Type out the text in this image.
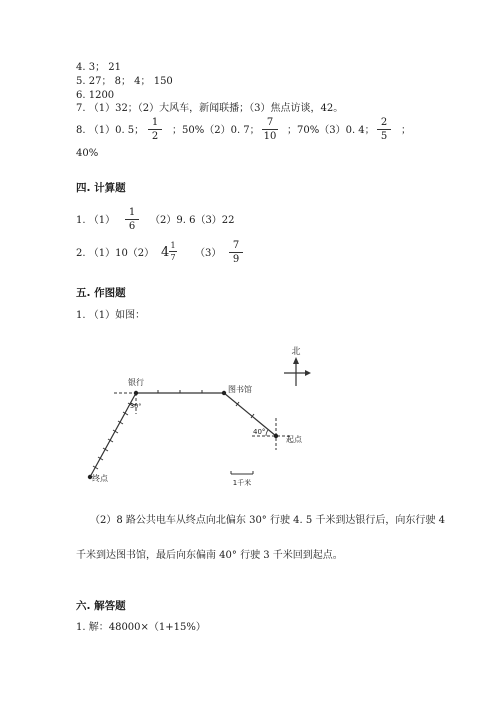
4. 3； 21
5. 27； 8； 4； 150
6. 1200
7. （1）32；（2）大风车，新闻联播；（3）焦点访谈，42。
8. （1）0. 5；
1
2
；50%（2）0. 7；
7
10
；70%（3）0. 4；
2
5
；
40%
四. 计算题
1. （1）
1
6
（2）9. 6（3）22
2. （1）10（2） 4 1
7 （3）
7
9
五. 作图题
1. （1）如图：
北
30°
40°
银行
图书馆
起点
终点	1千米
（2）8 路公共电车从终点向北偏东 30° 行驶 4. 5 千米到达银行后，向东行驶 4
千米到达图书馆，最后向东偏南 40° 行驶 3 千米回到起点。
六. 解答题
1. 解：48000×（1+15%）
